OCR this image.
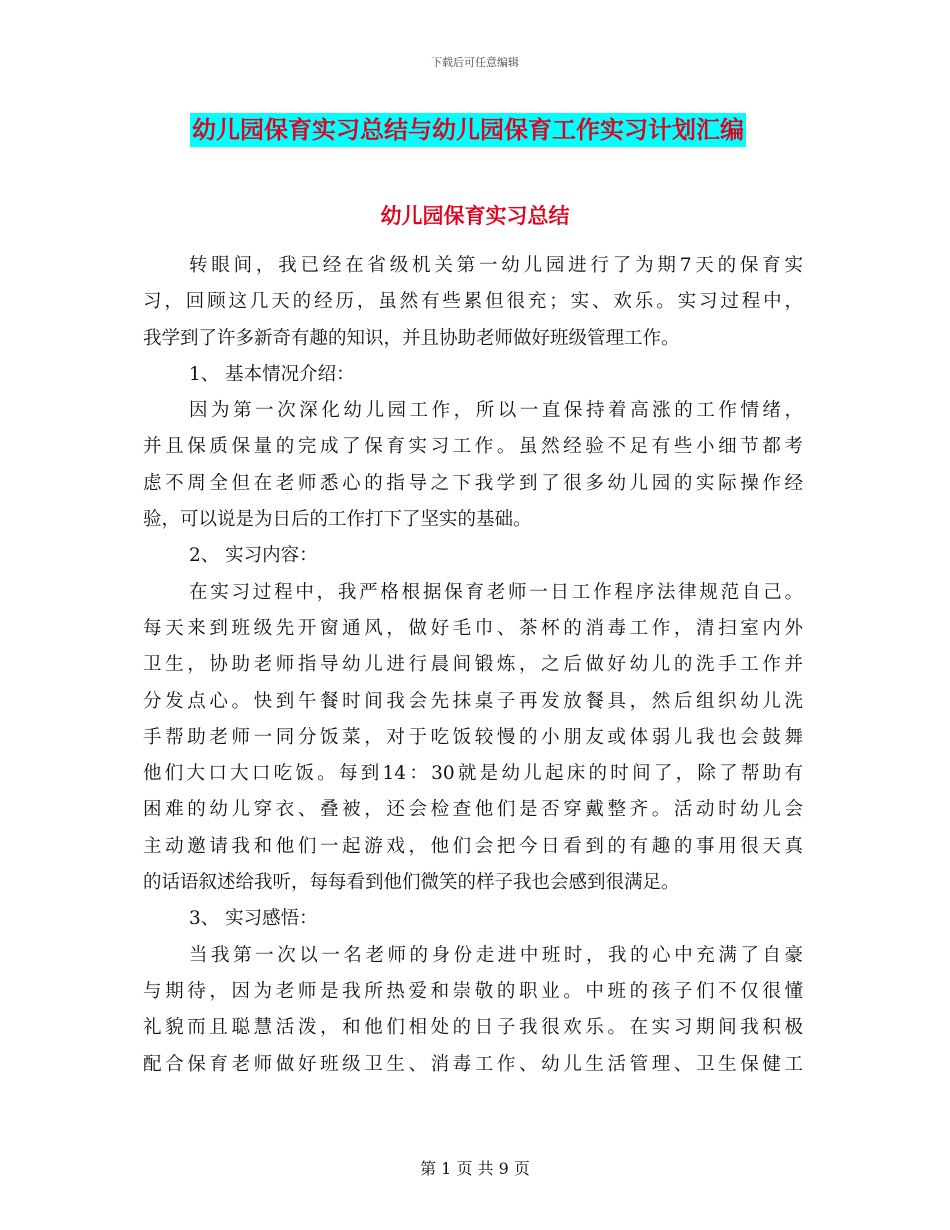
下载后可任意编辑
幼儿园保育实习总结与幼儿园保育工作实习计划汇编
幼儿园保育实习总结
转眼间，我已经在省级机关第一幼儿园进行了为期7天的保育实
习，回顾这几天的经历，虽然有些累但很充；实、欢乐。实习过程中，
我学到了许多新奇有趣的知识，并且协助老师做好班级管理工作。
1、 基本情况介绍：
因为第一次深化幼儿园工作，所以一直保持着高涨的工作情绪，
并且保质保量的完成了保育实习工作。虽然经验不足有些小细节都考
虑不周全但在老师悉心的指导之下我学到了很多幼儿园的实际操作经
验，可以说是为日后的工作打下了坚实的基础。
2、 实习内容：
在实习过程中，我严格根据保育老师一日工作程序法律规范自己。
每天来到班级先开窗通风，做好毛巾、茶杯的消毒工作，清扫室内外
卫生，协助老师指导幼儿进行晨间锻炼，之后做好幼儿的洗手工作并
分发点心。快到午餐时间我会先抹桌子再发放餐具，然后组织幼儿洗
手帮助老师一同分饭菜，对于吃饭较慢的小朋友或体弱儿我也会鼓舞
他们大口大口吃饭。每到14：30就是幼儿起床的时间了，除了帮助有
困难的幼儿穿衣、叠被，还会检查他们是否穿戴整齐。活动时幼儿会
主动邀请我和他们一起游戏，他们会把今日看到的有趣的事用很天真
的话语叙述给我听，每每看到他们微笑的样子我也会感到很满足。
3、 实习感悟：
当我第一次以一名老师的身份走进中班时，我的心中充满了自豪
与期待，因为老师是我所热爱和崇敬的职业。中班的孩子们不仅很懂
礼貌而且聪慧活泼，和他们相处的日子我很欢乐。在实习期间我积极
配合保育老师做好班级卫生、消毒工作、幼儿生活管理、卫生保健工
第 1 页 共 9 页
